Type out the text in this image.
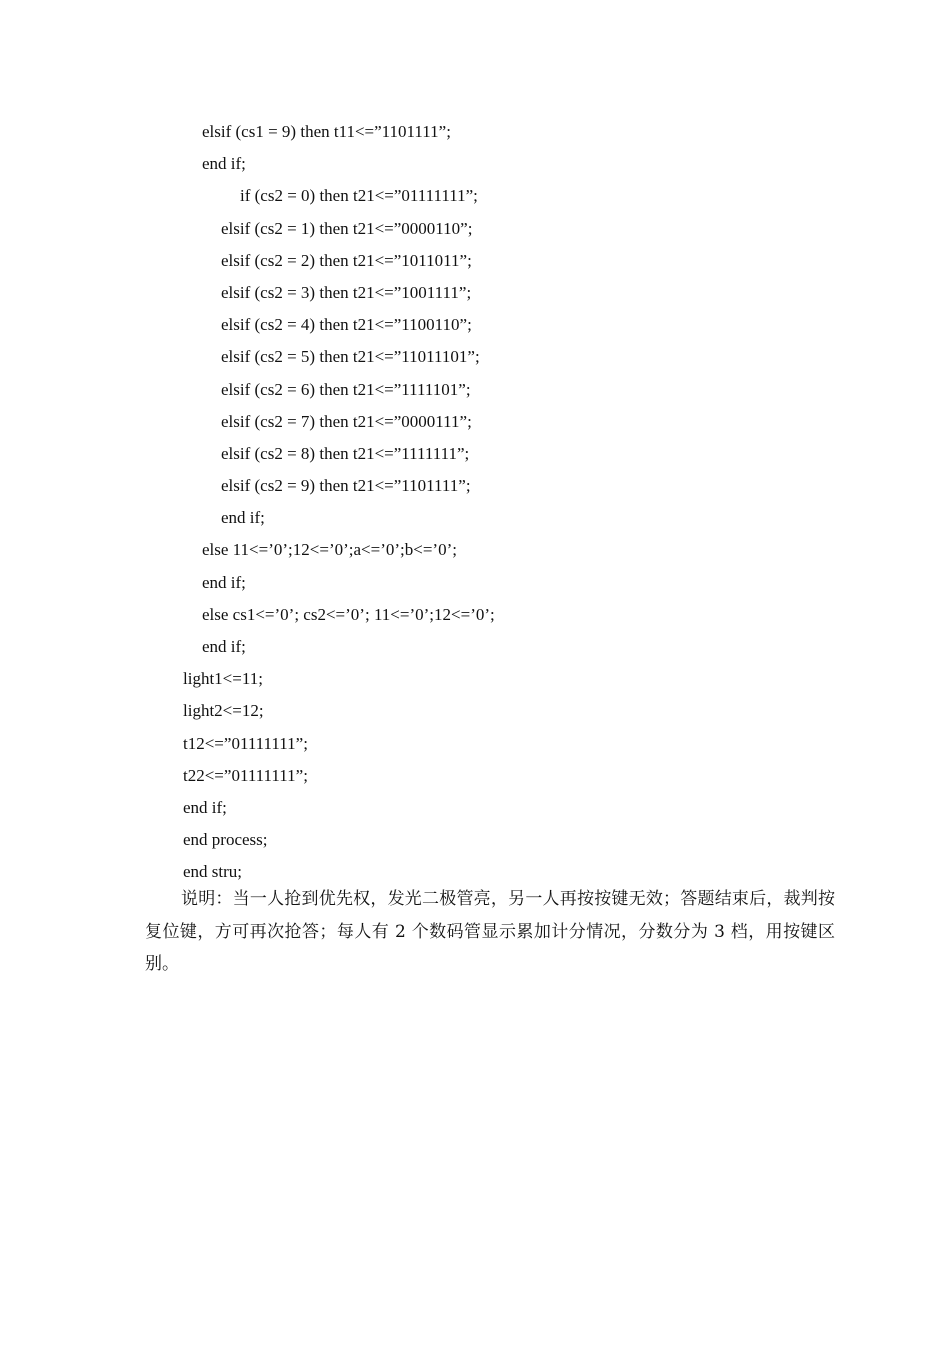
elsif (cs1 = 9) then t11<=”1101111”;
end if;
if (cs2 = 0) then t21<=”01111111”;
elsif (cs2 = 1) then t21<=”0000110”;
elsif (cs2 = 2) then t21<=”1011011”;
elsif (cs2 = 3) then t21<=”1001111”;
elsif (cs2 = 4) then t21<=”1100110”;
elsif (cs2 = 5) then t21<=”11011101”;
elsif (cs2 = 6) then t21<=”1111101”;
elsif (cs2 = 7) then t21<=”0000111”;
elsif (cs2 = 8) then t21<=”1111111”;
elsif (cs2 = 9) then t21<=”1101111”;
end if;
else 11<=’0’;12<=’0’;a<=’0’;b<=’0’;
end if;
else cs1<=’0’; cs2<=’0’; 11<=’0’;12<=’0’;
end if;
light1<=11;
light2<=12;
t12<=”01111111”;
t22<=”01111111”;
end if;
end process;
end stru;

说明：当一人抢到优先权，发光二极管亮，另一人再按按键无效；答题结束后，裁判按复位键，方可再次抢答；每人有 2 个数码管显示累加计分情况，分数分为 3 档，用按键区别。
